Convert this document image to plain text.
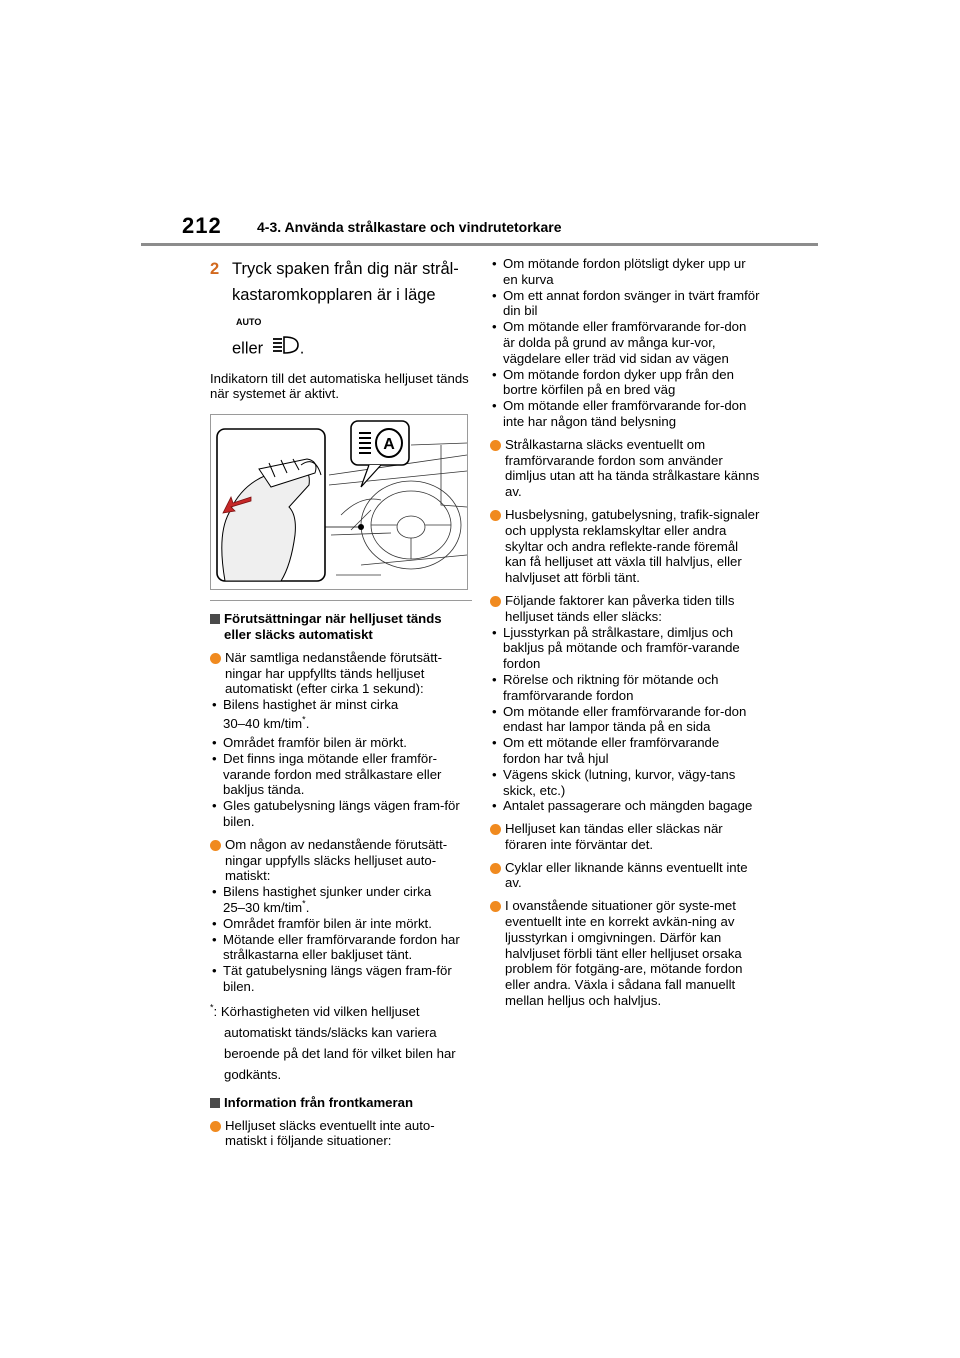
212	4-3. Använda strålkastare och vindrutetorkare
2 Tryck spaken från dig när strål-kastaromkopplaren är i läge
AUTO

eller .
Indikatorn till det automatiska helljuset tänds när systemet är aktivt.
A
Förutsättningar när helljuset tänds eller släcks automatiskt
När samtliga nedanstående förutsätt-ningar har uppfyllts tänds helljuset automatiskt (efter cirka 1 sekund):
• Bilens hastighet är minst cirka
30–40 km/tim*.
• Området framför bilen är mörkt.
• Det finns inga mötande eller framför-varande fordon med strålkastare eller bakljus tända.
• Gles gatubelysning längs vägen fram-för bilen.
Om någon av nedanstående förutsätt-ningar uppfylls släcks helljuset auto-matiskt:
• Bilens hastighet sjunker under cirka
25–30 km/tim*.
• Området framför bilen är inte mörkt.
• Mötande eller framförvarande fordon har strålkastarna eller bakljuset tänt.
• Tät gatubelysning längs vägen fram-för bilen.
*: Körhastigheten vid vilken helljuset automatiskt tänds/släcks kan variera beroende på det land för vilket bilen har godkänts.
Information från frontkameran
Helljuset släcks eventuellt inte auto-matiskt i följande situationer:
• Om mötande fordon plötsligt dyker upp ur en kurva
• Om ett annat fordon svänger in tvärt framför din bil
• Om mötande eller framförvarande for-don är dolda på grund av många kur-vor, vägdelare eller träd vid sidan av vägen
• Om mötande fordon dyker upp från den bortre körfilen på en bred väg
• Om mötande eller framförvarande for-don inte har någon tänd belysning
Strålkastarna släcks eventuellt om framförvarande fordon som använder dimljus utan att ha tända strålkastare känns av.
Husbelysning, gatubelysning, trafik-signaler och upplysta reklamskyltar eller andra skyltar och andra reflekte-rande föremål kan få helljuset att växla till halvljus, eller halvljuset att förbli tänt.
Följande faktorer kan påverka tiden tills helljuset tänds eller släcks:
• Ljusstyrkan på strålkastare, dimljus och bakljus på mötande och framför-varande fordon
• Rörelse och riktning för mötande och framförvarande fordon
• Om mötande eller framförvarande for-don endast har lampor tända på en sida
• Om ett mötande eller framförvarande fordon har två hjul
• Vägens skick (lutning, kurvor, vägy-tans skick, etc.)
• Antalet passagerare och mängden bagage
Helljuset kan tändas eller släckas när föraren inte förväntar det.
Cyklar eller liknande känns eventuellt inte av.
I ovanstående situationer gör syste-met eventuellt inte en korrekt avkän-ning av ljusstyrkan i omgivningen. Därför kan halvljuset förbli tänt eller helljuset orsaka problem för fotgäng-are, mötande fordon eller andra. Växla i sådana fall manuellt mellan helljus och halvljus.
